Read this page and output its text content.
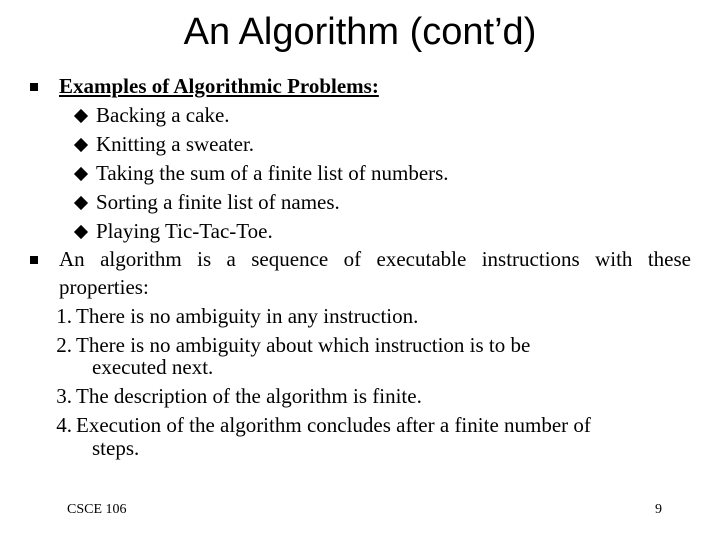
An Algorithm (cont’d)
Examples of Algorithmic Problems:
Backing a cake.
Knitting a sweater.
Taking the sum of a finite list of numbers.
Sorting a finite list of names.
Playing Tic-Tac-Toe.
An algorithm is a sequence of executable instructions with these
properties:
1. There is no ambiguity in any instruction.
2. There is no ambiguity about which instruction is to be
executed next.
3. The description of the algorithm is finite.
4. Execution of the algorithm concludes after a finite number of
steps.
CSCE 106	9
